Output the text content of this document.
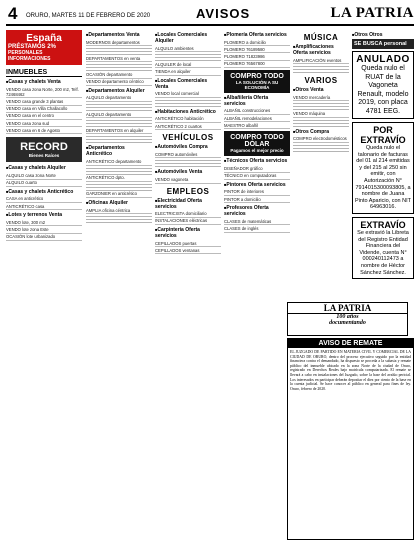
4 ORURO, MARTES 11 DE FEBRERO DE 2020	AVISOS	LA PATRIA
España
PRÉSTAMOS 2%
PERSONALES
INFORMACIONES
INMUEBLES
■ Casas y chalets Venta
VENDO casa zona Norte, 200 m2, Telf. 72468462
VENDO casa grande 3 plantas
VENDO casa en Villa Challacollo
VENDO casa en el centro
VENDO casa zona sud
VENDO casa en 6 de Agosto
RECORD
Bienes Raíces
■ Casas y chalets Alquiler
ALQUILO casa zona Norte
ALQUILO cuarto
■ Casas y chalets Anticrético
CASA en anticrético
ANTICRÉTICO casa
■ Lotes y terrenos Venta
VENDO lote, 300 m2
VENDO lote zona Este
OCASIÓN lote urbanizado
■ Departamentos Venta
MODERNOS departamentos
DEPARTAMENTOS en venta
OCASIÓN departamento
VENDO departamento céntrico
■ Departamentos Alquiler
ALQUILO departamento
ALQUILO departamento
DEPARTAMENTOS en alquiler
■ Departamentos Anticrético
ANTICRÉTICO departamento
ANTICRÉTICO dpto.
GARZONIER en anticrético
■ Oficinas Alquiler
AMPLIA oficina céntrica
■ Locales Comerciales Alquiler
ALQUILO ambientes
ALQUILER de local
TIENDA en alquiler
■ Locales Comerciales Venta
VENDO local comercial
■ Habitaciones Anticrético
ANTICRÉTICO habitación
ANTICRÉTICO 2 cuartos
VEHÍCULOS
■ Automóviles Compra
COMPRO automóviles
■ Automóviles Venta
VENDO vagoneta
EMPLEOS
■ Electricidad Oferta servicios
ELECTRICISTA domiciliario
INSTALACIONES eléctricas
■ Carpintería Oferta servicios
CEPILLADOS puertas
CEPILLADOS ventanas
■ Plomería Oferta servicios
PLOMERO a domicilio
PLOMERO 76189580
PLOMERO 71823986
PLOMERO 76567800
COMPRO TODO
LA SOLUCIÓN A SU ECONOMÍA
■ Albañilería Oferta servicios
ALBAÑIL construcciones
ALBAÑIL remodelaciones
MAESTRO albañil
COMPRO TODO DÓLAR
Pagamos el mejor precio
■ Técnicos Oferta servicios
DISEÑADOR gráfico
TÉCNICO en computadoras
■ Pintores Oferta servicios
PINTOR de interiores
PINTOR a domicilio
■ Profesores Oferta servicios
CLASES de matemáticas
CLASES de inglés
MÚSICA
■ Amplificaciones Oferta servicios
AMPLIFICACIÓN eventos
VARIOS
■ Otros Venta
VENDO mercadería
VENDO máquina
■ Otros Compra
COMPRO electrodomésticos
■ Otros Otros
SE BUSCA personal
ANULADO
Queda nulo el RUAT de la Vagoneta Renault, modelo 2019, con placa 4781 EEG.
POR EXTRAVÍO
Queda nulo el talonario de facturas del 01 al 214 emitidas y del 215 al 250 sin emitir, con Autorización N° 7914015300093805, a nombre de Juana Pinto Aparicio, con NIT 64963016.
EXTRAVÍO
Se extravió la Libreta del Registro Entidad Financiera del Vidende, cuenta N° 000240112473 a nombre de Héctor Sánchez Sánchez.
LA PATRIA
100 años
documentando
AVISO DE REMATE
EL JUZGADO DE PARTIDO EN MATERIA CIVIL Y COMERCIAL DE LA CIUDAD DE ORURO, dentro del proceso ejecutivo seguido por la entidad financiera contra el demandado, ha dispuesto se proceda a la subasta y remate público del inmueble ubicado en la zona Norte de la ciudad de Oruro, registrado en Derechos Reales bajo matrícula computarizada. El remate se llevará a cabo en instalaciones del Juzgado, sobre la base del avalúo pericial. Los interesados en participar deberán depositar el diez por ciento de la base en la cuenta judicial. Se hace conocer al público en general para fines de ley. Oruro, febrero de 2020.
